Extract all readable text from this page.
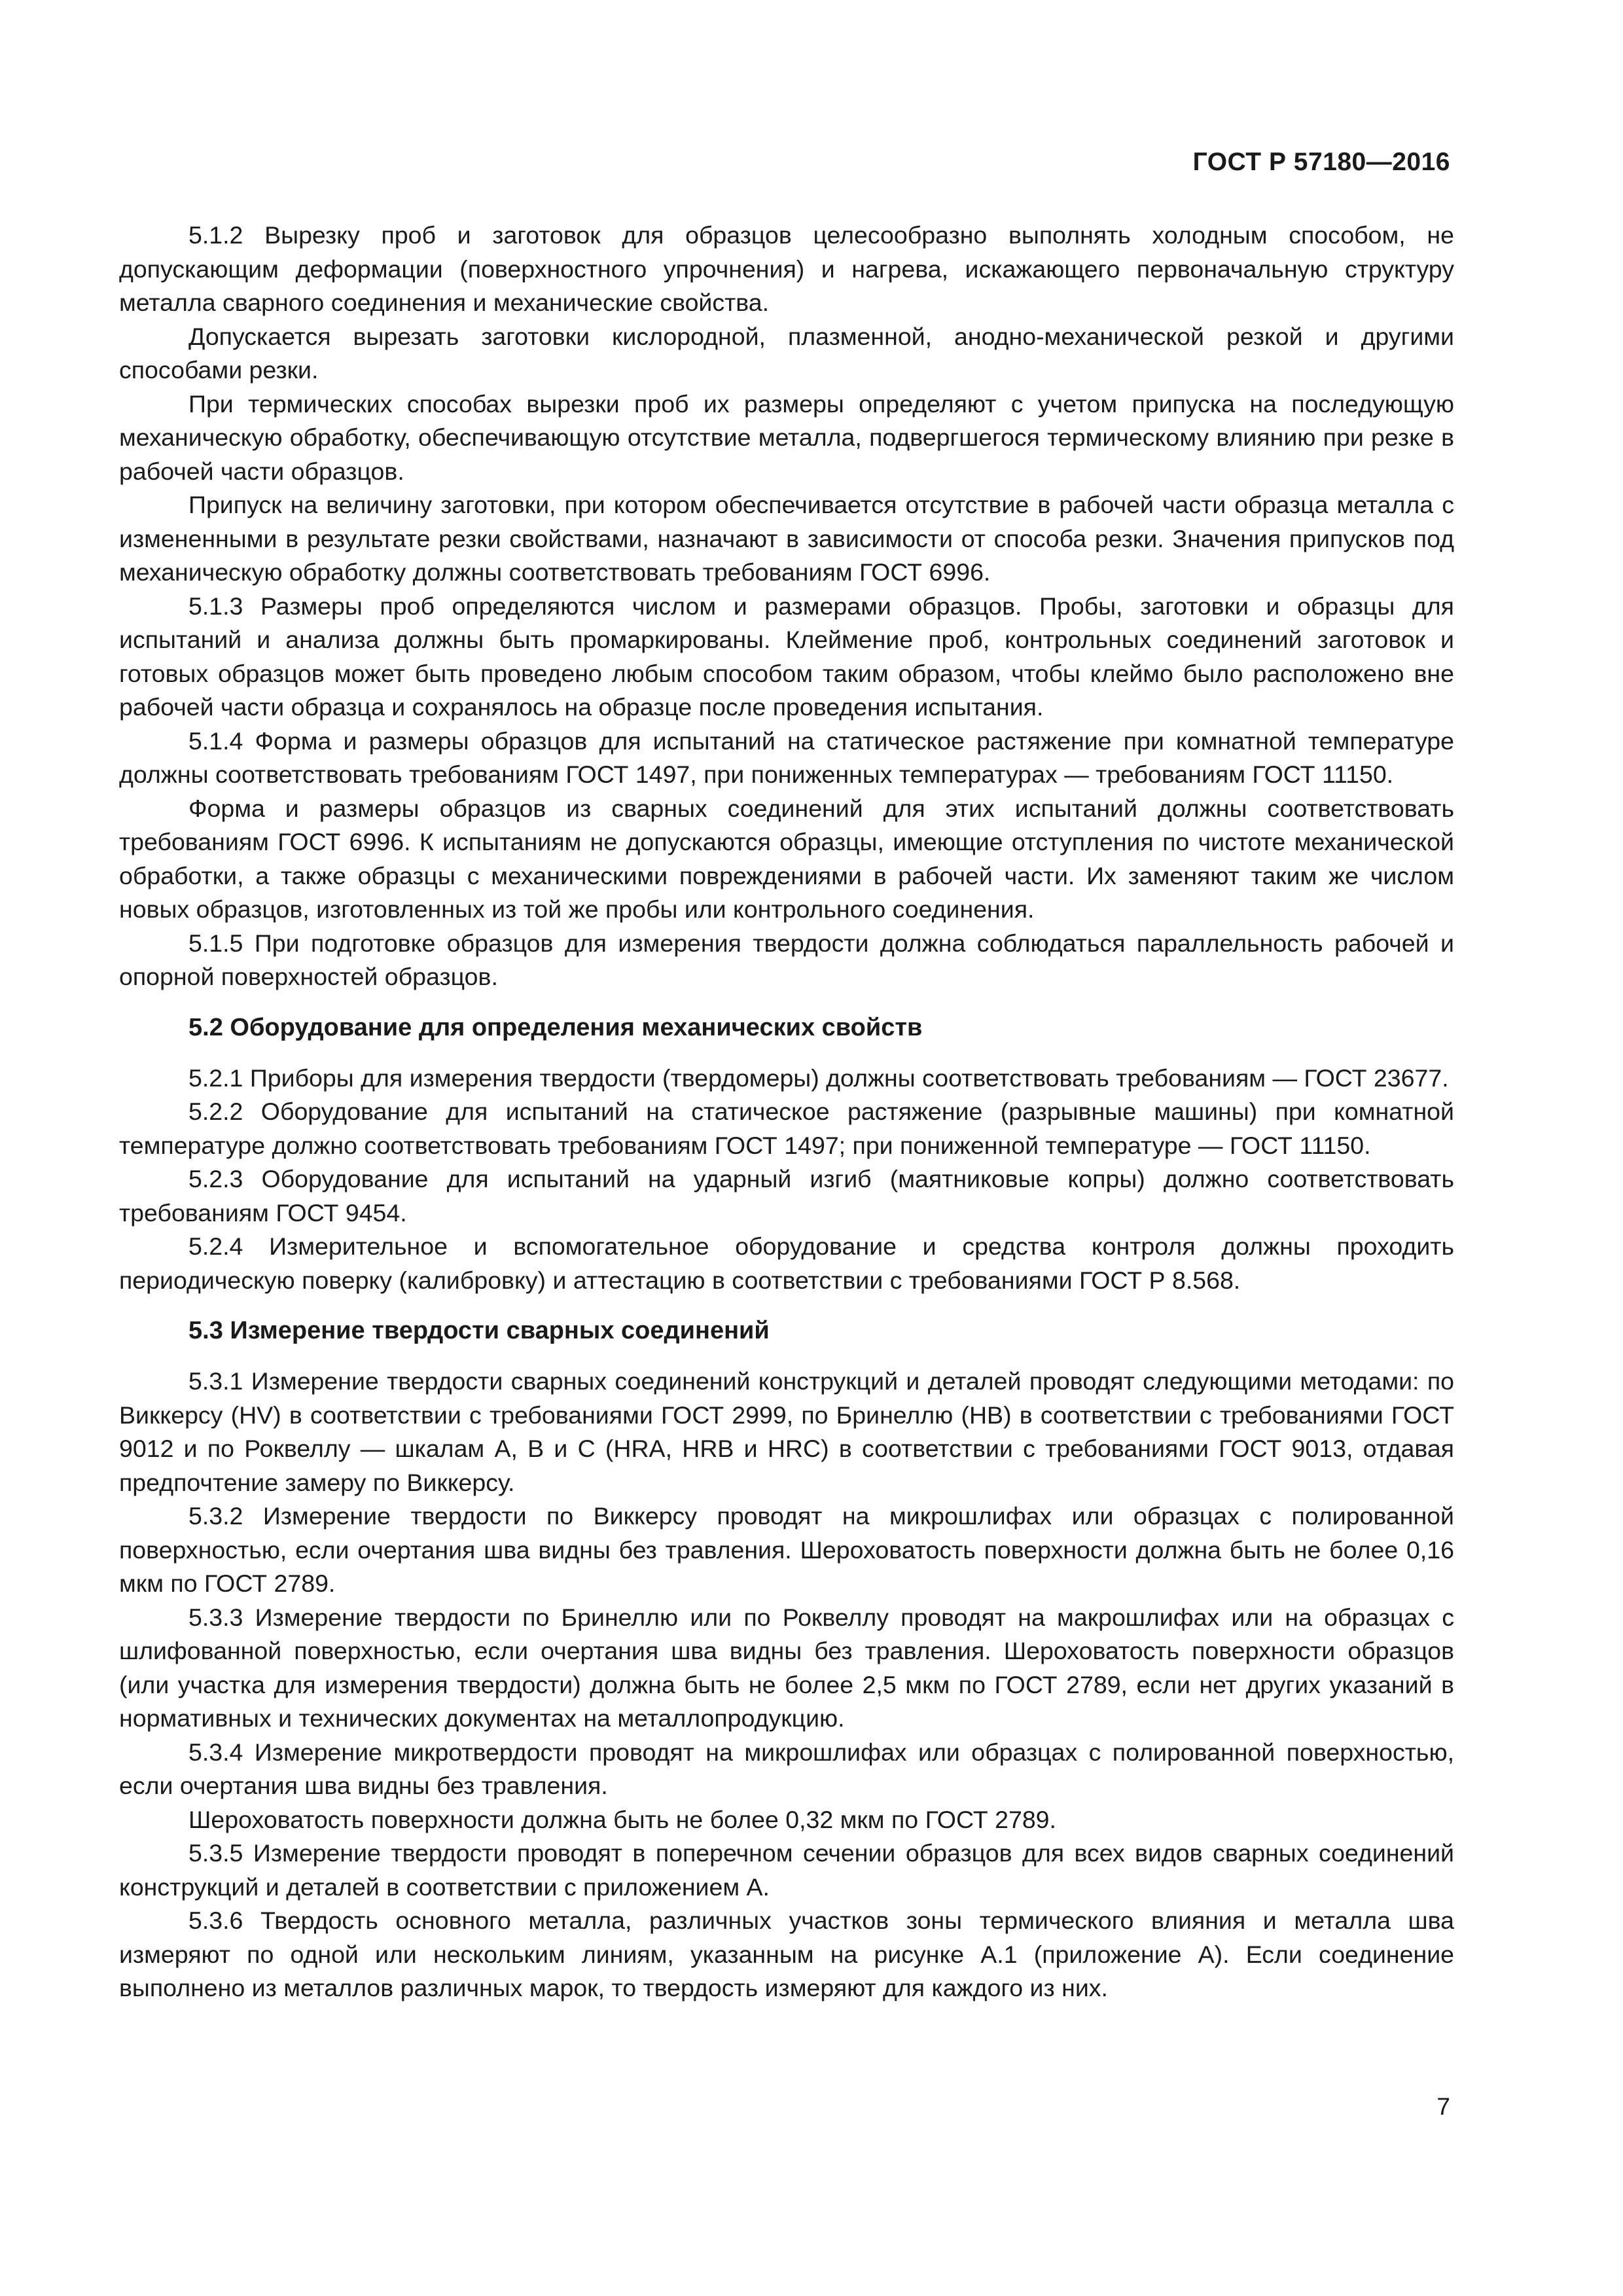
ГОСТ Р 57180—2016

5.1.2 Вырезку проб и заготовок для образцов целесообразно выполнять холодным способом, не допускающим деформации (поверхностного упрочнения) и нагрева, искажающего первоначальную структуру металла сварного соединения и механические свойства.

Допускается вырезать заготовки кислородной, плазменной, анодно-механической резкой и другими способами резки.

При термических способах вырезки проб их размеры определяют с учетом припуска на последующую механическую обработку, обеспечивающую отсутствие металла, подвергшегося термическому влиянию при резке в рабочей части образцов.

Припуск на величину заготовки, при котором обеспечивается отсутствие в рабочей части образца металла с измененными в результате резки свойствами, назначают в зависимости от способа резки. Значения припусков под механическую обработку должны соответствовать требованиям ГОСТ 6996.

5.1.3 Размеры проб определяются числом и размерами образцов. Пробы, заготовки и образцы для испытаний и анализа должны быть промаркированы. Клеймение проб, контрольных соединений заготовок и готовых образцов может быть проведено любым способом таким образом, чтобы клеймо было расположено вне рабочей части образца и сохранялось на образце после проведения испытания.

5.1.4 Форма и размеры образцов для испытаний на статическое растяжение при комнатной температуре должны соответствовать требованиям ГОСТ 1497, при пониженных температурах — требованиям ГОСТ 11150.

Форма и размеры образцов из сварных соединений для этих испытаний должны соответствовать требованиям ГОСТ 6996. К испытаниям не допускаются образцы, имеющие отступления по чистоте механической обработки, а также образцы с механическими повреждениями в рабочей части. Их заменяют таким же числом новых образцов, изготовленных из той же пробы или контрольного соединения.

5.1.5 При подготовке образцов для измерения твердости должна соблюдаться параллельность рабочей и опорной поверхностей образцов.

5.2 Оборудование для определения механических свойств

5.2.1 Приборы для измерения твердости (твердомеры) должны соответствовать требованиям — ГОСТ 23677.

5.2.2 Оборудование для испытаний на статическое растяжение (разрывные машины) при комнатной температуре должно соответствовать требованиям ГОСТ 1497; при пониженной температуре — ГОСТ 11150.

5.2.3 Оборудование для испытаний на ударный изгиб (маятниковые копры) должно соответствовать требованиям ГОСТ 9454.

5.2.4 Измерительное и вспомогательное оборудование и средства контроля должны проходить периодическую поверку (калибровку) и аттестацию в соответствии с требованиями ГОСТ Р 8.568.

5.3 Измерение твердости сварных соединений

5.3.1 Измерение твердости сварных соединений конструкций и деталей проводят следующими методами: по Виккерсу (HV) в соответствии с требованиями ГОСТ 2999, по Бринеллю (НВ) в соответствии с требованиями ГОСТ 9012 и по Роквеллу — шкалам А, В и С (HRA, HRB и HRC) в соответствии с требованиями ГОСТ 9013, отдавая предпочтение замеру по Виккерсу.

5.3.2 Измерение твердости по Виккерсу проводят на микрошлифах или образцах с полированной поверхностью, если очертания шва видны без травления. Шероховатость поверхности должна быть не более 0,16 мкм по ГОСТ 2789.

5.3.3 Измерение твердости по Бринеллю или по Роквеллу проводят на макрошлифах или на образцах с шлифованной поверхностью, если очертания шва видны без травления. Шероховатость поверхности образцов (или участка для измерения твердости) должна быть не более 2,5 мкм по ГОСТ 2789, если нет других указаний в нормативных и технических документах на металлопродукцию.

5.3.4 Измерение микротвердости проводят на микрошлифах или образцах с полированной поверхностью, если очертания шва видны без травления.

Шероховатость поверхности должна быть не более 0,32 мкм по ГОСТ 2789.

5.3.5 Измерение твердости проводят в поперечном сечении образцов для всех видов сварных соединений конструкций и деталей в соответствии с приложением А.

5.3.6 Твердость основного металла, различных участков зоны термического влияния и металла шва измеряют по одной или нескольким линиям, указанным на рисунке А.1 (приложение А). Если соединение выполнено из металлов различных марок, то твердость измеряют для каждого из них.

7
